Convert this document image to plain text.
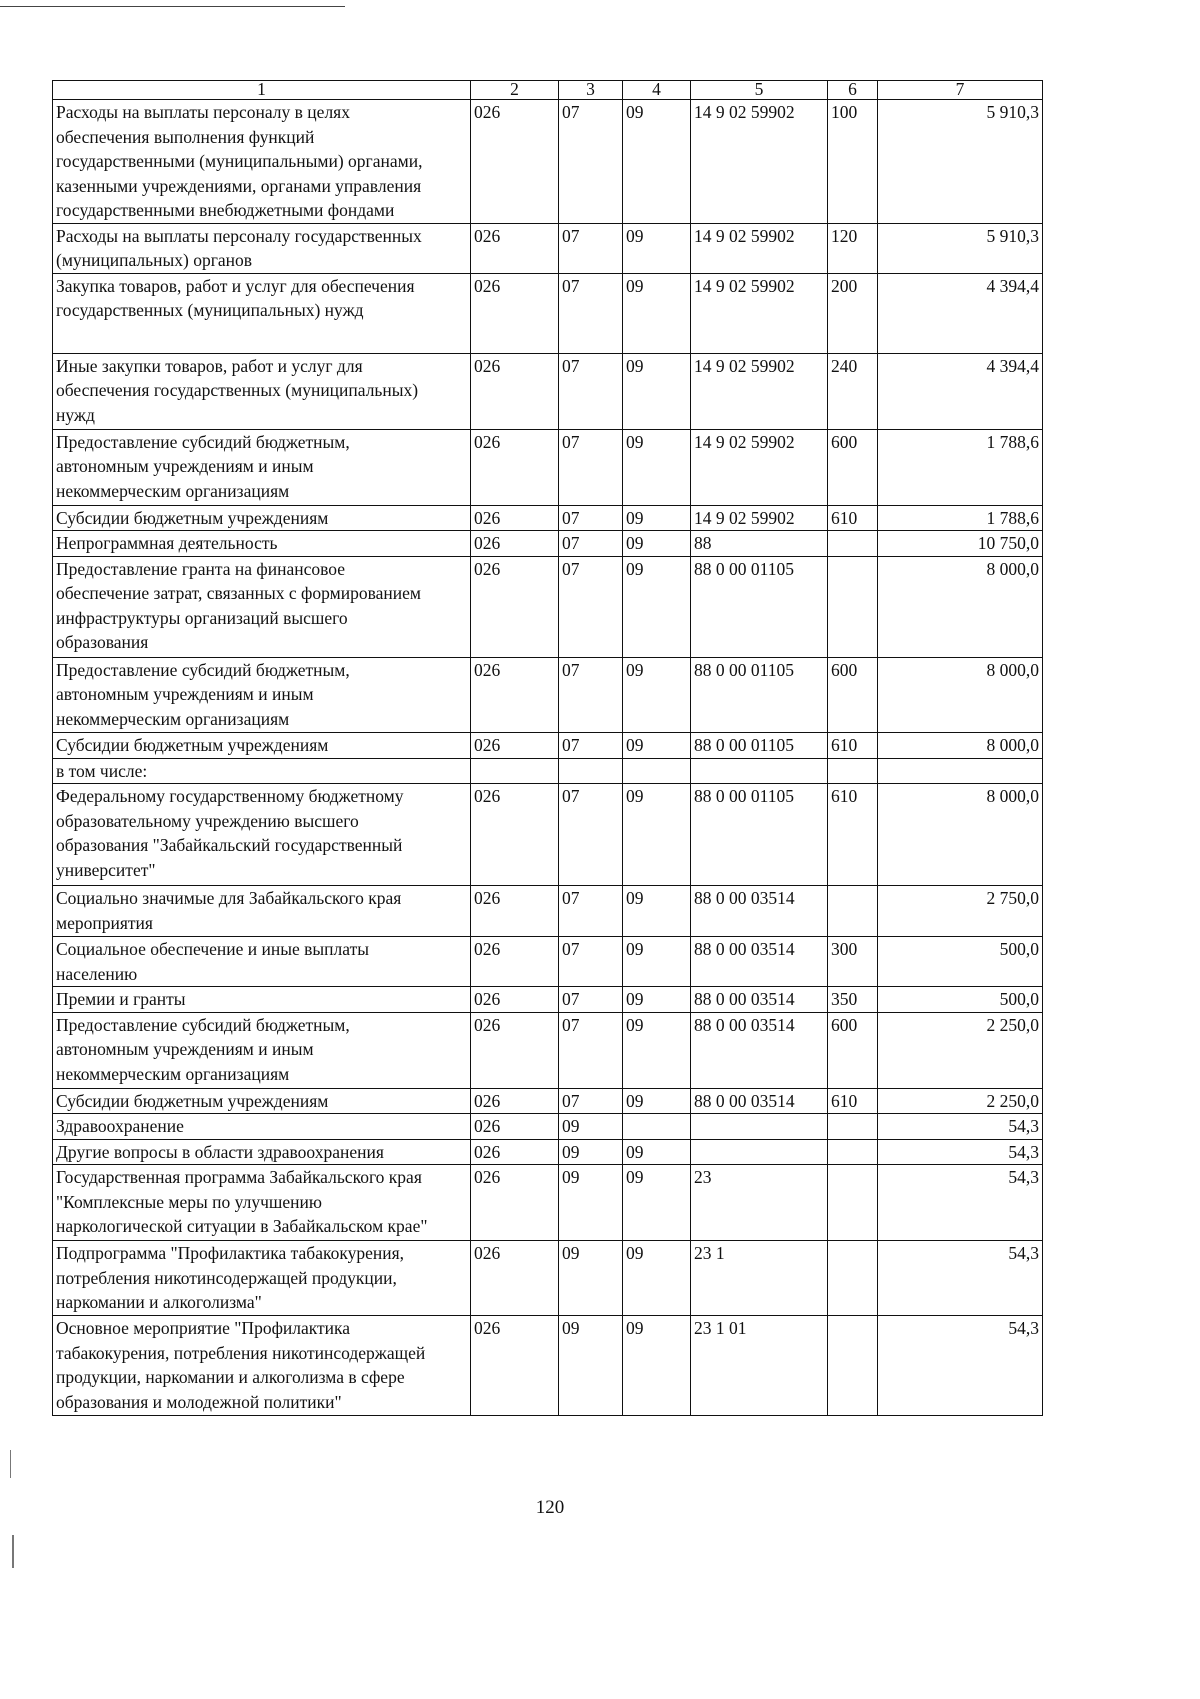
1	2	3	4	5	6	7
Расходы на выплаты персоналу в целях
обеспечения выполнения функций
государственными (муниципальными) органами,
казенными учреждениями, органами управления
государственными внебюджетными фондами	026	07	09	14 9 02 59902	100	5 910,3
Расходы на выплаты персоналу государственных
(муниципальных) органов	026	07	09	14 9 02 59902	120	5 910,3
Закупка товаров, работ и услуг для обеспечения
государственных (муниципальных) нужд	026	07	09	14 9 02 59902	200	4 394,4
Иные закупки товаров, работ и услуг для
обеспечения государственных (муниципальных)
нужд	026	07	09	14 9 02 59902	240	4 394,4
Предоставление субсидий бюджетным,
автономным учреждениям и иным
некоммерческим организациям	026	07	09	14 9 02 59902	600	1 788,6
Субсидии бюджетным учреждениям	026	07	09	14 9 02 59902	610	1 788,6
Непрограммная деятельность	026	07	09	88		10 750,0
Предоставление гранта на финансовое
обеспечение затрат, связанных с формированием
инфраструктуры организаций высшего
образования	026	07	09	88 0 00 01105		8 000,0
Предоставление субсидий бюджетным,
автономным учреждениям и иным
некоммерческим организациям	026	07	09	88 0 00 01105	600	8 000,0
Субсидии бюджетным учреждениям	026	07	09	88 0 00 01105	610	8 000,0
в том числе:						
Федеральному государственному бюджетному
образовательному учреждению высшего
образования "Забайкальский государственный
университет"	026	07	09	88 0 00 01105	610	8 000,0
Социально значимые для Забайкальского края
мероприятия	026	07	09	88 0 00 03514		2 750,0
Социальное обеспечение и иные выплаты
населению	026	07	09	88 0 00 03514	300	500,0
Премии и гранты	026	07	09	88 0 00 03514	350	500,0
Предоставление субсидий бюджетным,
автономным учреждениям и иным
некоммерческим организациям	026	07	09	88 0 00 03514	600	2 250,0
Субсидии бюджетным учреждениям	026	07	09	88 0 00 03514	610	2 250,0
Здравоохранение	026	09				54,3
Другие вопросы в области здравоохранения	026	09	09			54,3
Государственная программа Забайкальского края
"Комплексные меры по улучшению
наркологической ситуации в Забайкальском крае"	026	09	09	23		54,3
Подпрограмма "Профилактика табакокурения,
потребления никотинсодержащей продукции,
наркомании и алкоголизма"	026	09	09	23 1		54,3
Основное мероприятие "Профилактика
табакокурения, потребления никотинсодержащей
продукции, наркомании и алкоголизма в сфере
образования и молодежной политики"	026	09	09	23 1 01		54,3
120
